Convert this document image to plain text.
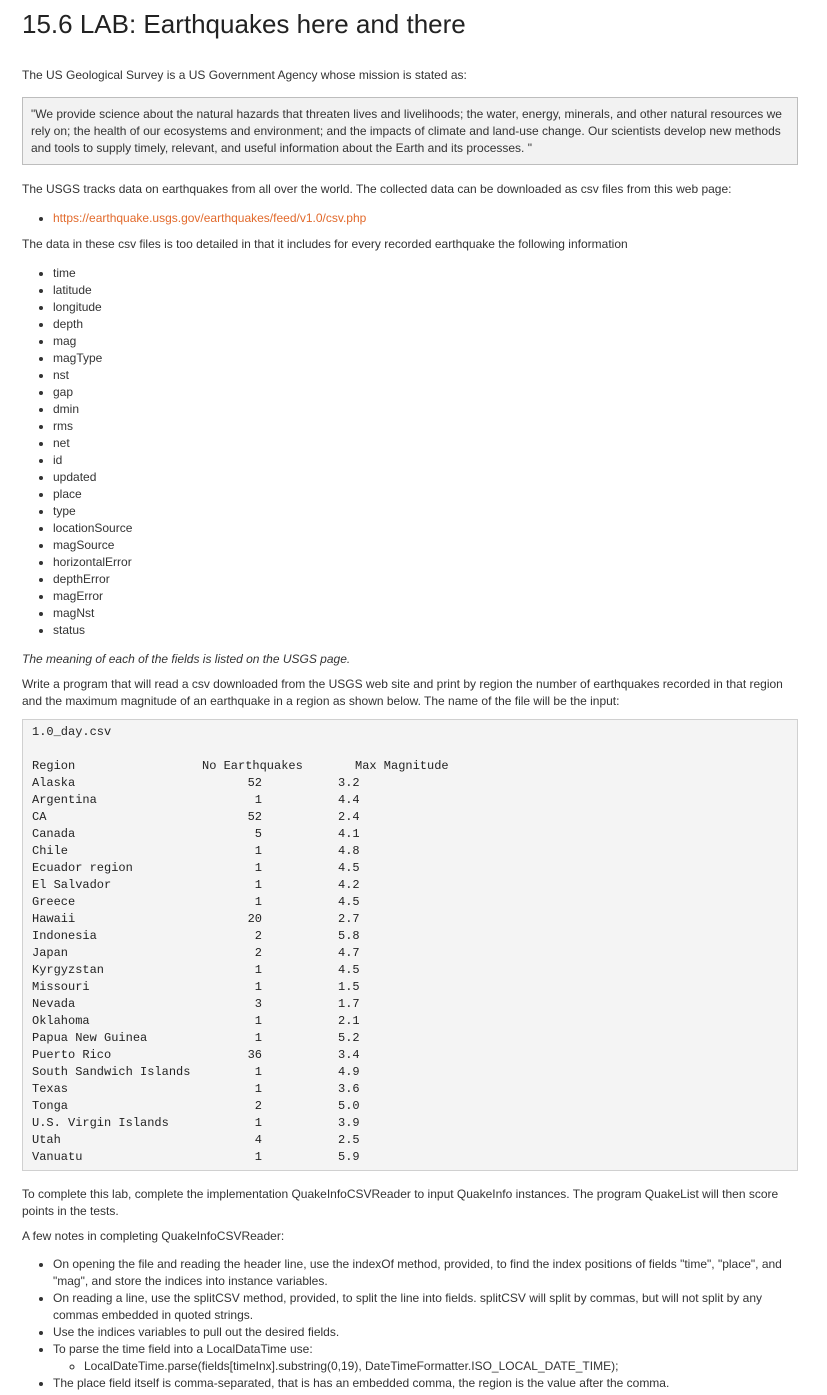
15.6 LAB: Earthquakes here and there

The US Geological Survey is a US Government Agency whose mission is stated as:

"We provide science about the natural hazards that threaten lives and livelihoods; the water, energy, minerals, and other natural resources we rely on; the health of our ecosystems and environment; and the impacts of climate and land-use change. Our scientists develop new methods and tools to supply timely, relevant, and useful information about the Earth and its processes. "

The USGS tracks data on earthquakes from all over the world. The collected data can be downloaded as csv files from this web page:

• https://earthquake.usgs.gov/earthquakes/feed/v1.0/csv.php

The data in these csv files is too detailed in that it includes for every recorded earthquake the following information

• time
• latitude
• longitude
• depth
• mag
• magType
• nst
• gap
• dmin
• rms
• net
• id
• updated
• place
• type
• locationSource
• magSource
• horizontalError
• depthError
• magError
• magNst
• status

The meaning of each of the fields is listed on the USGS page.

Write a program that will read a csv downloaded from the USGS web site and print by region the number of earthquakes recorded in that region and the maximum magnitude of an earthquake in a region as shown below. The name of the file will be the input:

1.0_day.csv
Region	No Earthquakes	Max Magnitude
Alaska	52	3.2
Argentina	1	4.4
CA	52	2.4
Canada	5	4.1
Chile	1	4.8
Ecuador region	1	4.5
El Salvador	1	4.2
Greece	1	4.5
Hawaii	20	2.7
Indonesia	2	5.8
Japan	2	4.7
Kyrgyzstan	1	4.5
Missouri	1	1.5
Nevada	3	1.7
Oklahoma	1	2.1
Papua New Guinea	1	5.2
Puerto Rico	36	3.4
South Sandwich Islands	1	4.9
Texas	1	3.6
Tonga	2	5.0
U.S. Virgin Islands	1	3.9
Utah	4	2.5
Vanuatu	1	5.9

To complete this lab, complete the implementation QuakeInfoCSVReader to input QuakeInfo instances. The program QuakeList will then score points in the tests.

A few notes in completing QuakeInfoCSVReader:

• On opening the file and reading the header line, use the indexOf method, provided, to find the index positions of fields "time", "place", and "mag", and store the indices into instance variables.
• On reading a line, use the splitCSV method, provided, to split the line into fields. splitCSV will split by commas, but will not split by any commas embedded in quoted strings.
• Use the indices variables to pull out the desired fields.
• To parse the time field into a LocalDataTime use:
◦ LocalDateTime.parse(fields[timeInx].substring(0,19), DateTimeFormatter.ISO_LOCAL_DATE_TIME);
• The place field itself is comma-separated, that is has an embedded comma, the region is the value after the comma.
